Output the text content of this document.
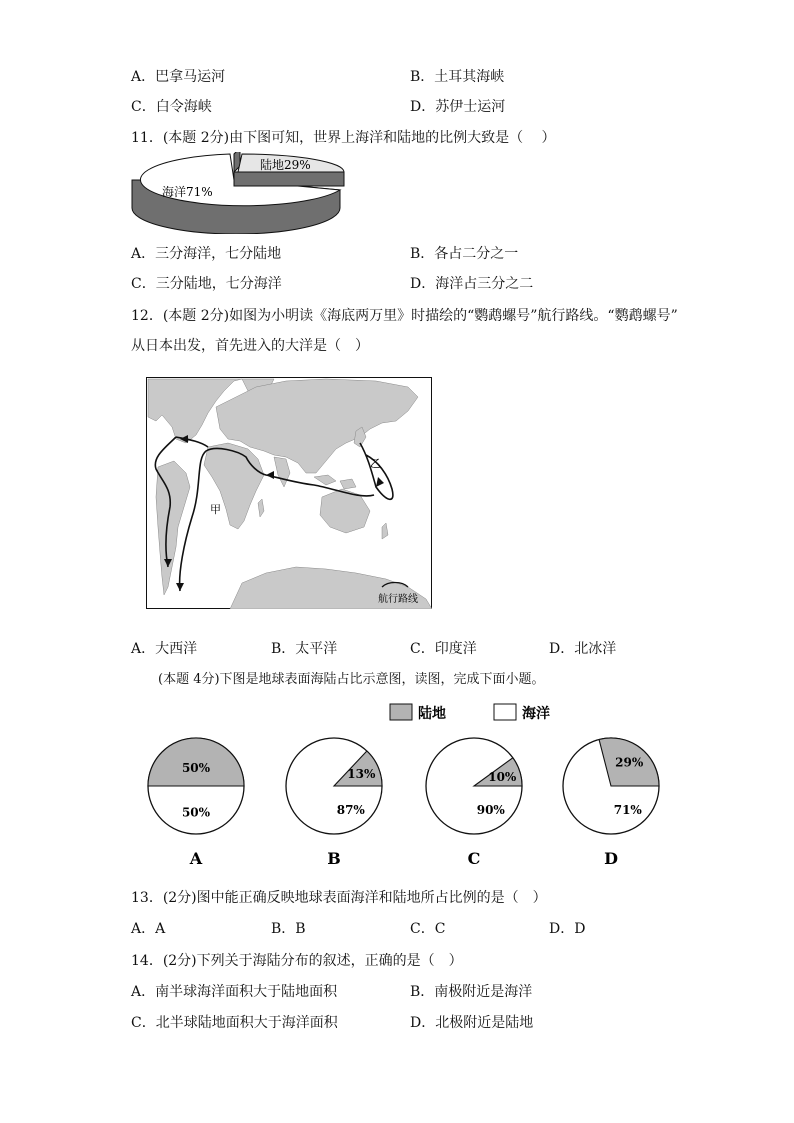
A．巴拿马运河	B．土耳其海峡
C．白令海峡	D．苏伊士运河
11．(本题 2分)由下图可知，世界上海洋和陆地的比例大致是（　 ）
海洋71%
陆地29%
A．三分海洋，七分陆地	B．各占二分之一
C．三分陆地，七分海洋	D．海洋占三分之二
12．(本题 2分)如图为小明读《海底两万里》时描绘的“鹦鹉螺号”航行路线。“鹦鹉螺号”
从日本出发，首先进入的大洋是（　）
甲
乙
航行路线
A．大西洋	B．太平洋	C．印度洋	D．北冰洋
(本题 4分)下图是地球表面海陆占比示意图，读图，完成下面小题。
陆地	海洋
50%
50%
A
13%
87%
B
10%
90%
C
29%
71%
D
13．(2分)图中能正确反映地球表面海洋和陆地所占比例的是（　）
A．A	B．B	C．C	D．D
14．(2分)下列关于海陆分布的叙述，正确的是（　）
A．南半球海洋面积大于陆地面积	B．南极附近是海洋
C．北半球陆地面积大于海洋面积	D．北极附近是陆地
